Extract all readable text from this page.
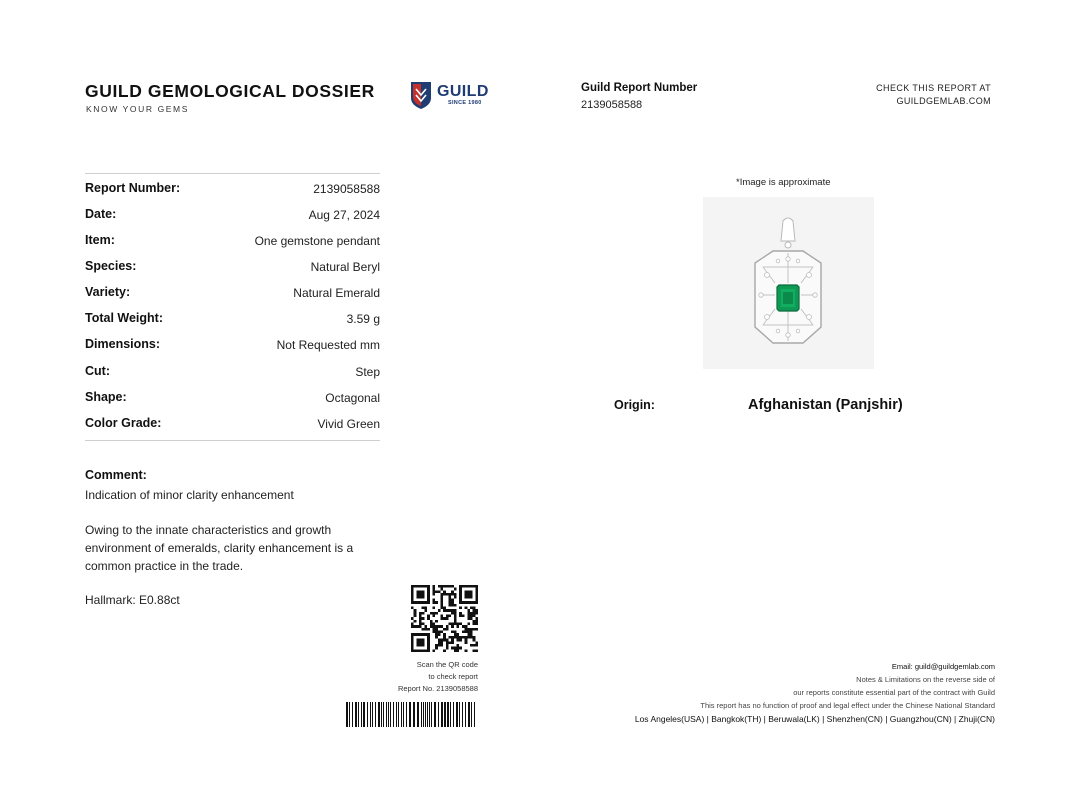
GUILD GEMOLOGICAL DOSSIER
KNOW YOUR GEMS
GUILD
SINCE 1980
Guild Report Number
2139058588
CHECK THIS REPORT AT
GUILDGEMLAB.COM
Report Number:	2139058588
Date:	Aug 27, 2024
Item:	One gemstone pendant
Species:	Natural Beryl
Variety:	Natural Emerald
Total Weight:	3.59 g
Dimensions:	Not Requested mm
Cut:	Step
Shape:	Octagonal
Color Grade:	Vivid Green
Comment:
Indication of minor clarity enhancement
Owing to the innate characteristics and growth environment of emeralds, clarity enhancement is a common practice in the trade.
Hallmark: E0.88ct
Scan the QR code
to check report
Report No. 2139058588
*Image is approximate
Origin:	Afghanistan (Panjshir)
Email: guild@guildgemlab.com
Notes & Limitations on the reverse side of
our reports constitute essential part of the contract with Guild
This report has no function of proof and legal effect under the Chinese National Standard
Los Angeles(USA) | Bangkok(TH) | Beruwala(LK) | Shenzhen(CN) | Guangzhou(CN) | Zhuji(CN)
